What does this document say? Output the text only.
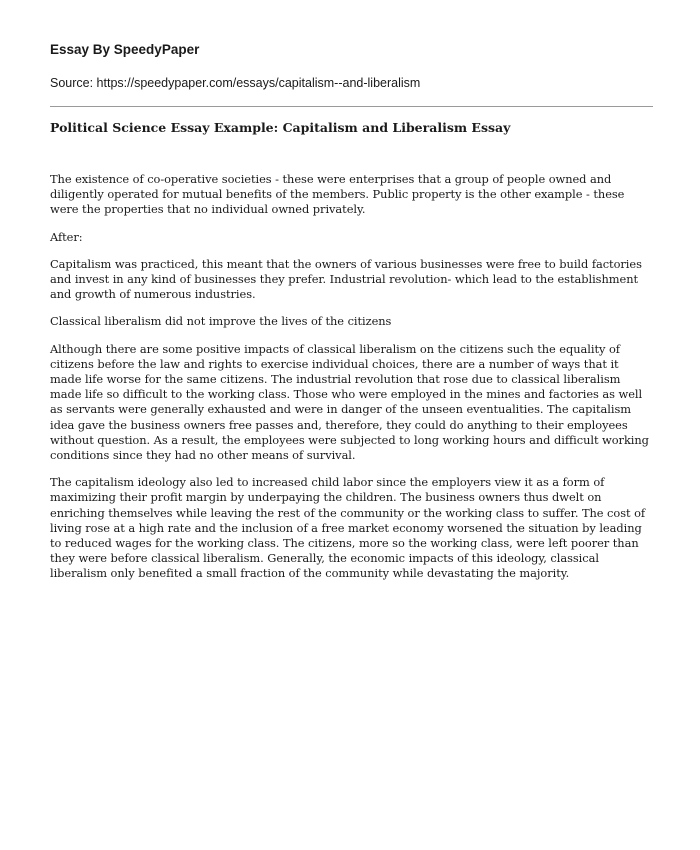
Essay By SpeedyPaper

Source: https://speedypaper.com/essays/capitalism--and-liberalism

Political Science Essay Example: Capitalism and Liberalism Essay

The existence of co-operative societies - these were enterprises that a group of people owned and diligently operated for mutual benefits of the members. Public property is the other example - these were the properties that no individual owned privately.

After:

Capitalism was practiced, this meant that the owners of various businesses were free to build factories and invest in any kind of businesses they prefer. Industrial revolution- which lead to the establishment and growth of numerous industries.

Classical liberalism did not improve the lives of the citizens

Although there are some positive impacts of classical liberalism on the citizens such the equality of citizens before the law and rights to exercise individual choices, there are a number of ways that it made life worse for the same citizens. The industrial revolution that rose due to classical liberalism made life so difficult to the working class. Those who were employed in the mines and factories as well as servants were generally exhausted and were in danger of the unseen eventualities. The capitalism idea gave the business owners free passes and, therefore, they could do anything to their employees without question. As a result, the employees were subjected to long working hours and difficult working conditions since they had no other means of survival.

The capitalism ideology also led to increased child labor since the employers view it as a form of maximizing their profit margin by underpaying the children. The business owners thus dwelt on enriching themselves while leaving the rest of the community or the working class to suffer. The cost of living rose at a high rate and the inclusion of a free market economy worsened the situation by leading to reduced wages for the working class. The citizens, more so the working class, were left poorer than they were before classical liberalism. Generally, the economic impacts of this ideology, classical liberalism only benefited a small fraction of the community while devastating the majority.
